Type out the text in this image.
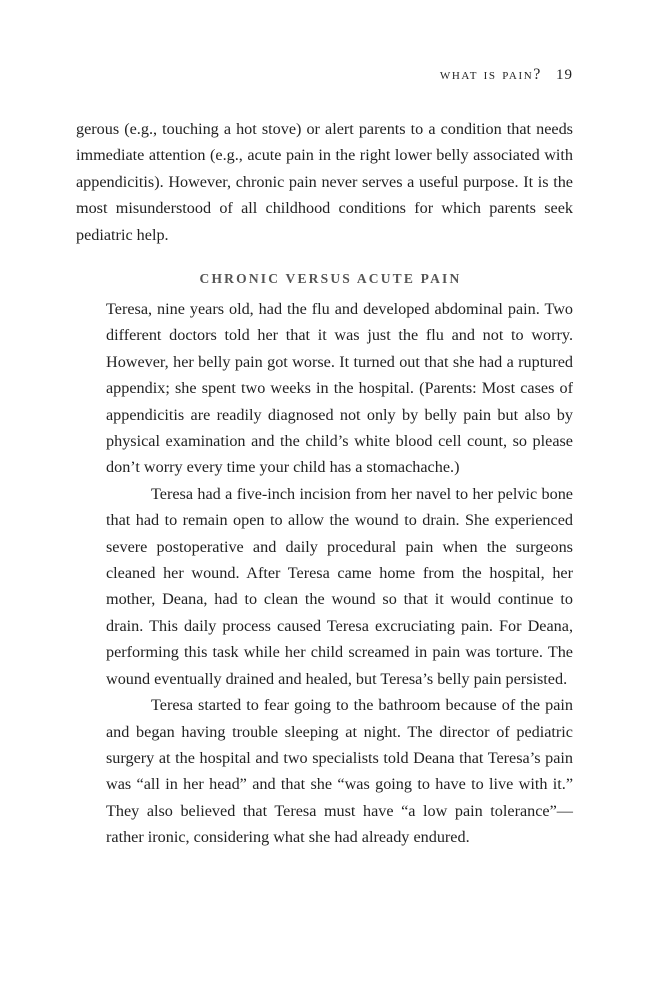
what is pain? 19

gerous (e.g., touching a hot stove) or alert parents to a condition that needs immediate attention (e.g., acute pain in the right lower belly associated with appendicitis). However, chronic pain never serves a useful purpose. It is the most misunderstood of all childhood conditions for which parents seek pediatric help.

CHRONIC VERSUS ACUTE PAIN

Teresa, nine years old, had the flu and developed abdominal pain. Two different doctors told her that it was just the flu and not to worry. However, her belly pain got worse. It turned out that she had a ruptured appendix; she spent two weeks in the hospital. (Parents: Most cases of appendicitis are readily diagnosed not only by belly pain but also by physical examination and the child’s white blood cell count, so please don’t worry every time your child has a stomachache.)

Teresa had a five-inch incision from her navel to her pelvic bone that had to remain open to allow the wound to drain. She experienced severe postoperative and daily procedural pain when the surgeons cleaned her wound. After Teresa came home from the hospital, her mother, Deana, had to clean the wound so that it would continue to drain. This daily process caused Teresa excruciating pain. For Deana, performing this task while her child screamed in pain was torture. The wound eventually drained and healed, but Teresa’s belly pain persisted.

Teresa started to fear going to the bathroom because of the pain and began having trouble sleeping at night. The director of pediatric surgery at the hospital and two specialists told Deana that Teresa’s pain was “all in her head” and that she “was going to have to live with it.” They also believed that Teresa must have “a low pain tolerance”—rather ironic, considering what she had already endured.
